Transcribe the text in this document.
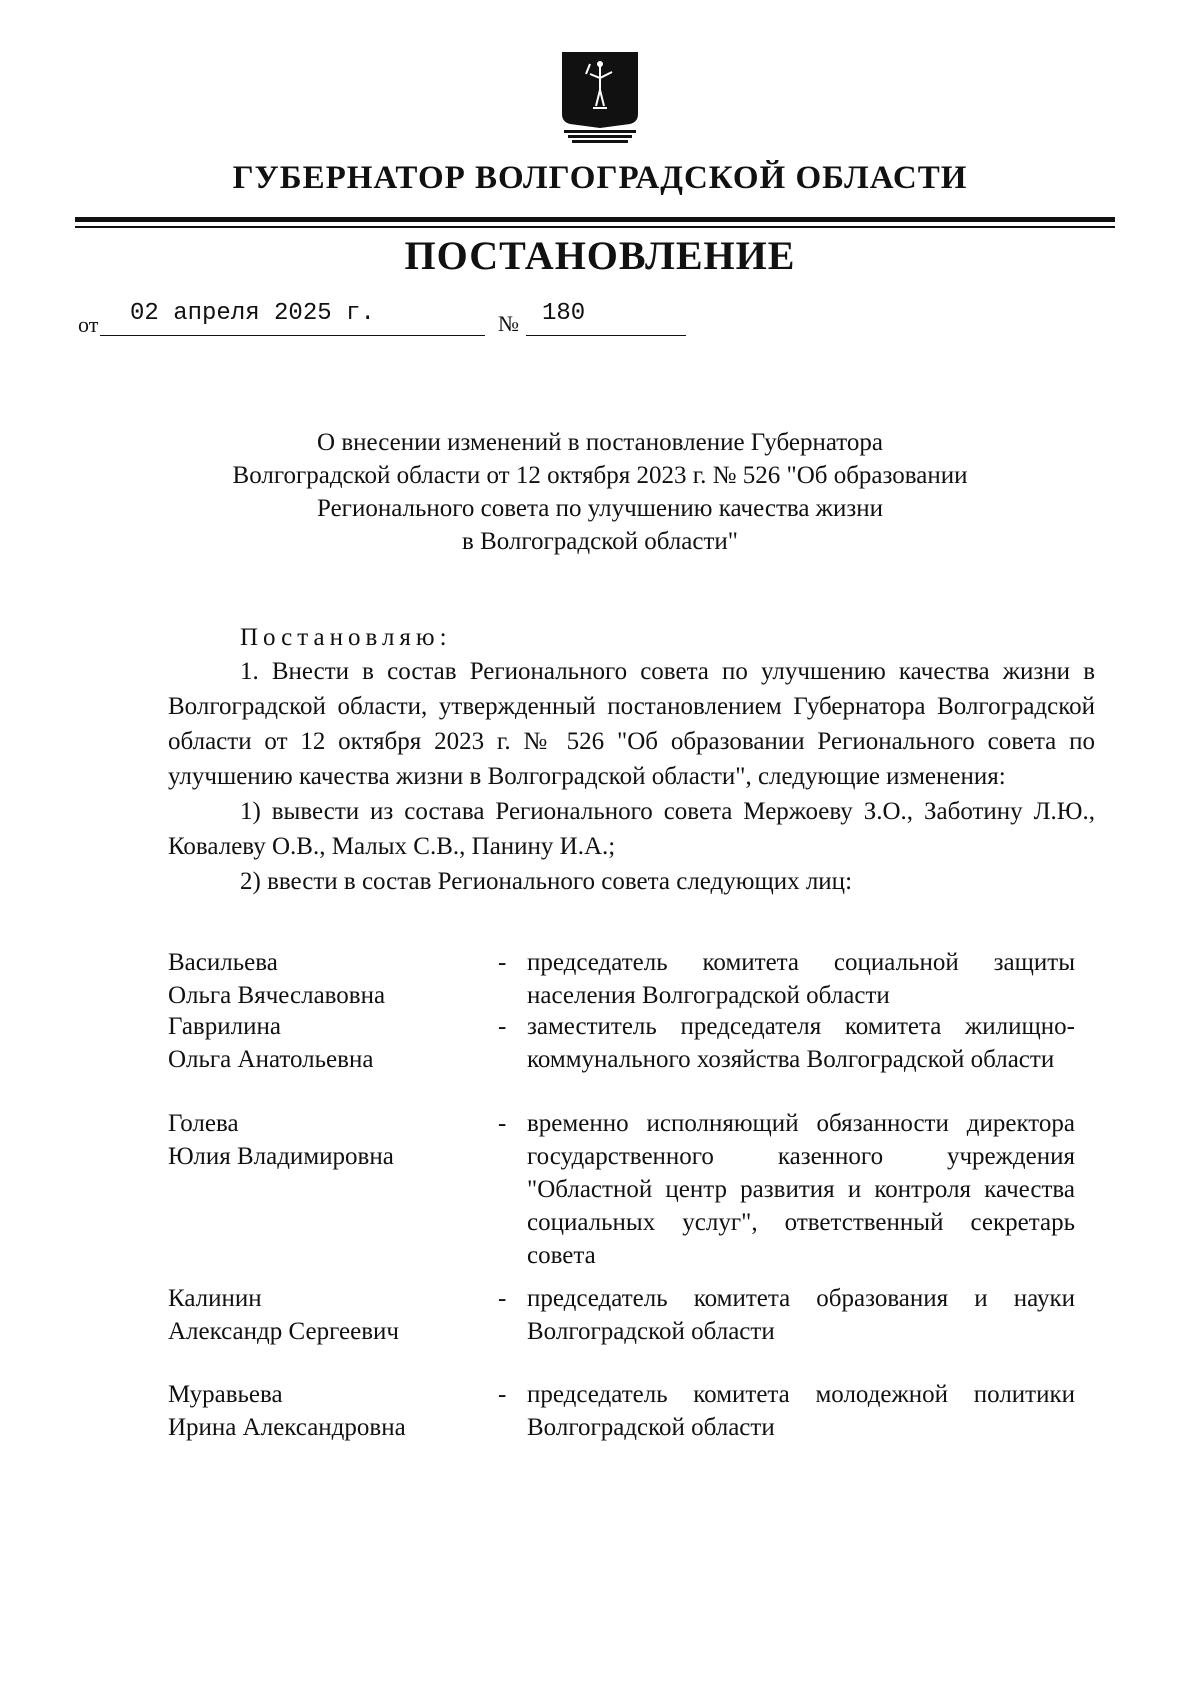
ГУБЕРНАТОР ВОЛГОГРАДСКОЙ ОБЛАСТИ
ПОСТАНОВЛЕНИЕ
от	02 апреля 2025 г.	№ 180
О внесении изменений в постановление Губернатора
Волгоградской области от 12 октября 2023 г. № 526 "Об образовании
Регионального совета по улучшению качества жизни
в Волгоградской области"
Постановляю:

1. Внести в состав Регионального совета по улучшению качества жизни в Волгоградской области, утвержденный постановлением Губернатора Волгоградской области от 12 октября 2023 г. № 526 "Об образовании Регионального совета по улучшению качества жизни в Волгоградской области", следующие изменения:

1) вывести из состава Регионального совета Мержоеву З.О., Заботину Л.Ю., Ковалеву О.В., Малых С.В., Панину И.А.;

2) ввести в состав Регионального совета следующих лиц:

Васильева
Ольга Вячеславовна
- председатель комитета социальной защиты населения Волгоградской области
Гаврилина
Ольга Анатольевна
- заместитель председателя комитета жилищно-коммунального хозяйства Волгоградской области
Голева
Юлия Владимировна
- временно исполняющий обязанности директора государственного казенного учреждения "Областной центр развития и контроля качества социальных услуг", ответственный секретарь совета
Калинин
Александр Сергеевич
- председатель комитета образования и науки Волгоградской области
Муравьева
Ирина Александровна
- председатель комитета молодежной политики Волгоградской области
